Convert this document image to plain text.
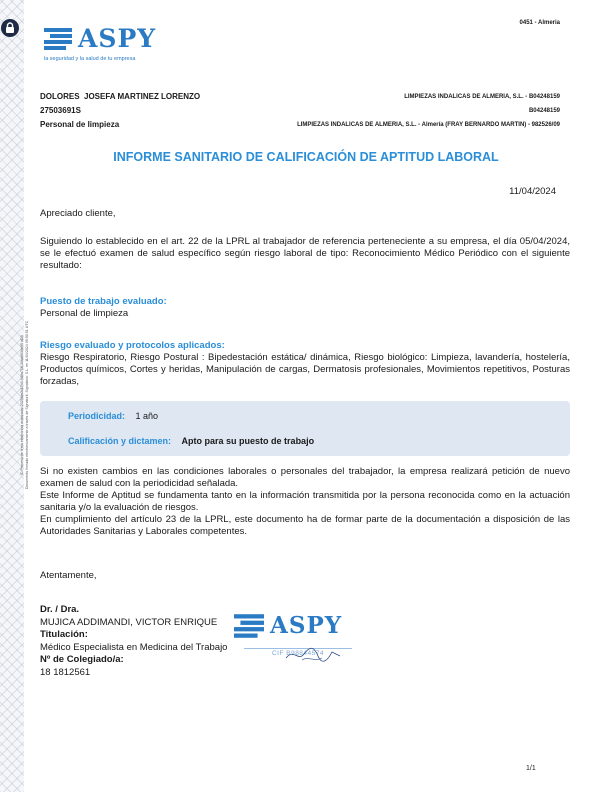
ID Proceso de firma electrónica avanzada: 2025fda0b17b3-f48fa716-30ba9030e95 aDS Documento firmado electrónicamente a través de Signaturit. Signatario: S.L. en 11/04/2024 09:50:51 UTC
ASPY
la seguridad y la salud de tu empresa
0451 - Almeria
DOLORES  JOSEFA MARTINEZ LORENZO
27503691S
Personal de limpieza
LIMPIEZAS INDALICAS DE ALMERIA, S.L. - B04248159
B04248159
LIMPIEZAS INDALICAS DE ALMERIA, S.L. - Almería (FRAY BERNARDO MARTIN) - 982526/09
INFORME SANITARIO DE CALIFICACIÓN DE APTITUD LABORAL
11/04/2024
Apreciado cliente,
Siguiendo lo establecido en el art. 22 de la LPRL al trabajador de referencia perteneciente a su empresa, el día 05/04/2024, se le efectuó examen de salud específico según riesgo laboral de tipo: Reconocimiento Médico Periódico con el siguiente resultado:
Puesto de trabajo evaluado:
Personal de limpieza
Riesgo evaluado y protocolos aplicados:
Riesgo Respiratorio, Riesgo Postural : Bipedestación estática/ dinámica, Riesgo biológico: Limpieza, lavandería, hostelería, Productos químicos, Cortes y heridas, Manipulación de cargas, Dermatosis profesionales, Movimientos repetitivos, Posturas forzadas,
Periodicidad: 1 año
Calificación y dictamen: Apto para su puesto de trabajo
Si no existen cambios en las condiciones laborales o personales del trabajador, la empresa realizará petición de nuevo examen de salud con la periodicidad señalada.
Este Informe de Aptitud se fundamenta tanto en la información transmitida por la persona reconocida como en la actuación sanitaria y/o la evaluación de riesgos.
En cumplimiento del artículo 23 de la LPRL, este documento ha de formar parte de la documentación a disposición de las Autoridades Sanitarias y Laborales competentes.
Atentamente,
Dr. / Dra.
MUJICA ADDIMANDI, VICTOR ENRIQUE
Titulación:
Médico Especialista en Medicina del Trabajo
Nº de Colegiado/a:
18 1812561
ASPY
CIF B98844574
1/1
